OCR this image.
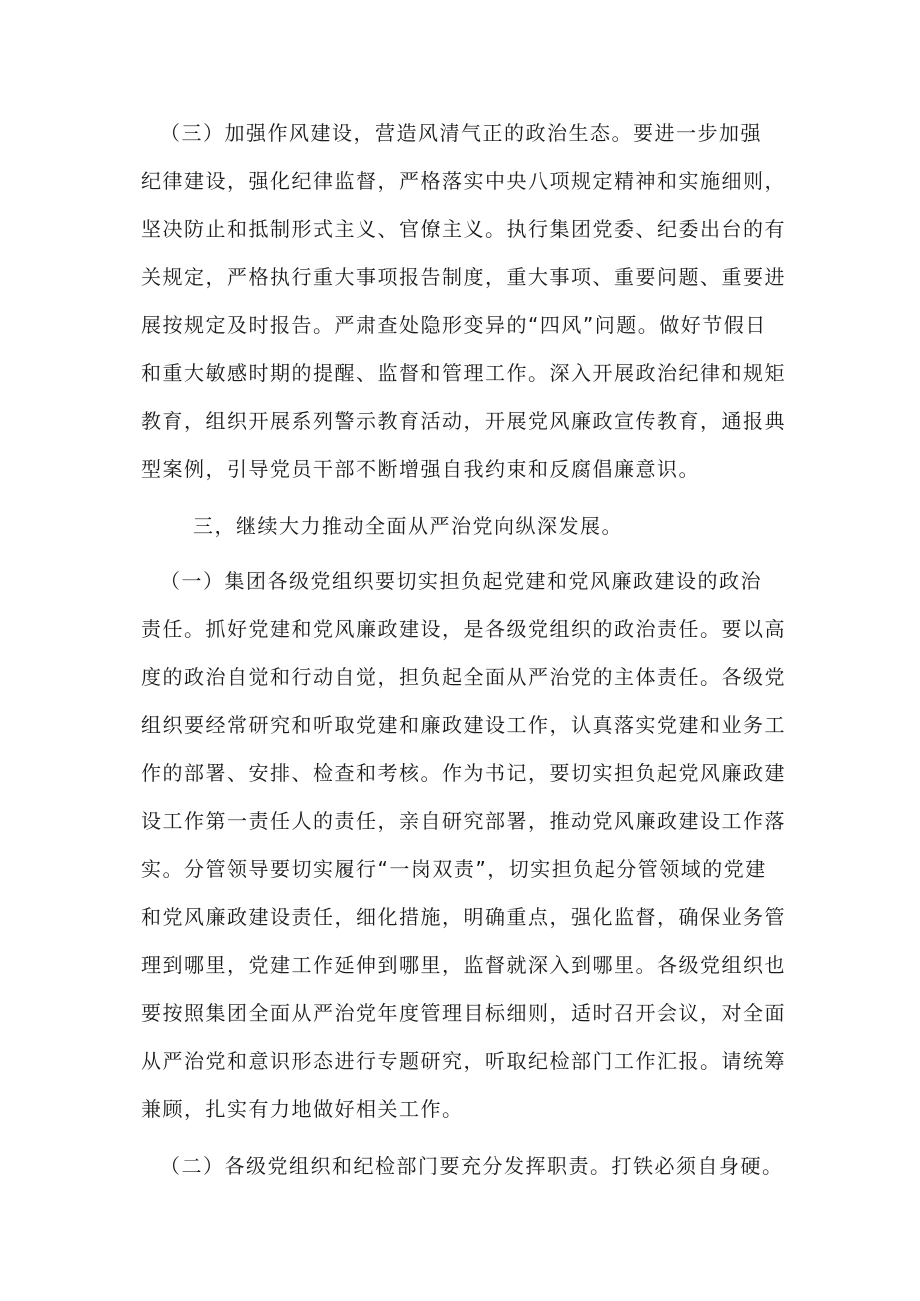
（三）加强作风建设，营造风清气正的政治生态。要进一步加强
纪律建设，强化纪律监督，严格落实中央八项规定精神和实施细则，
坚决防止和抵制形式主义、官僚主义。执行集团党委、纪委出台的有
关规定，严格执行重大事项报告制度，重大事项、重要问题、重要进
展按规定及时报告。严肃查处隐形变异的“四风”问题。做好节假日
和重大敏感时期的提醒、监督和管理工作。深入开展政治纪律和规矩
教育，组织开展系列警示教育活动，开展党风廉政宣传教育，通报典
型案例，引导党员干部不断增强自我约束和反腐倡廉意识。
三，继续大力推动全面从严治党向纵深发展。
（一）集团各级党组织要切实担负起党建和党风廉政建设的政治
责任。抓好党建和党风廉政建设，是各级党组织的政治责任。要以高
度的政治自觉和行动自觉，担负起全面从严治党的主体责任。各级党
组织要经常研究和听取党建和廉政建设工作，认真落实党建和业务工
作的部署、安排、检查和考核。作为书记，要切实担负起党风廉政建
设工作第一责任人的责任，亲自研究部署，推动党风廉政建设工作落
实。分管领导要切实履行“一岗双责”，切实担负起分管领域的党建
和党风廉政建设责任，细化措施，明确重点，强化监督，确保业务管
理到哪里，党建工作延伸到哪里，监督就深入到哪里。各级党组织也
要按照集团全面从严治党年度管理目标细则，适时召开会议，对全面
从严治党和意识形态进行专题研究，听取纪检部门工作汇报。请统筹
兼顾，扎实有力地做好相关工作。
（二）各级党组织和纪检部门要充分发挥职责。打铁必须自身硬。
